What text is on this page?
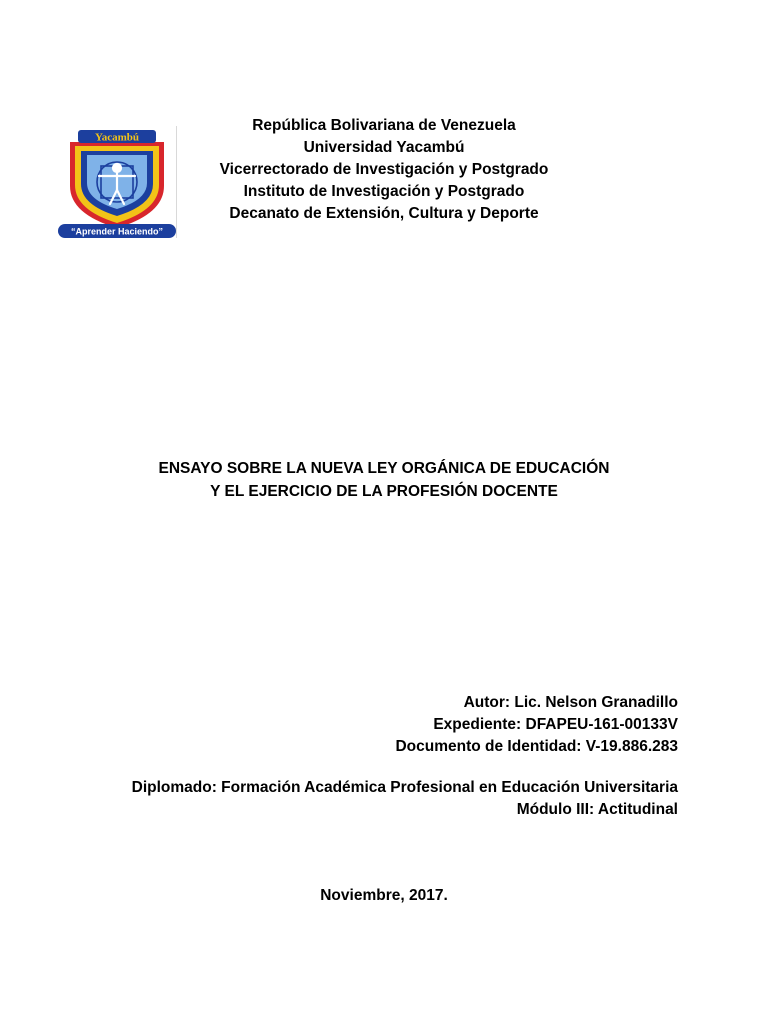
Yacambú
“Aprender Haciendo”
República Bolivariana de Venezuela
Universidad Yacambú
Vicerrectorado de Investigación y Postgrado
Instituto de Investigación y Postgrado
Decanato de Extensión, Cultura y Deporte
ENSAYO SOBRE LA NUEVA LEY ORGÁNICA DE EDUCACIÓN
Y EL EJERCICIO DE LA PROFESIÓN DOCENTE
Autor: Lic. Nelson Granadillo
Expediente: DFAPEU-161-00133V
Documento de Identidad: V-19.886.283
Diplomado: Formación Académica Profesional en Educación Universitaria
Módulo III: Actitudinal
Noviembre, 2017.
